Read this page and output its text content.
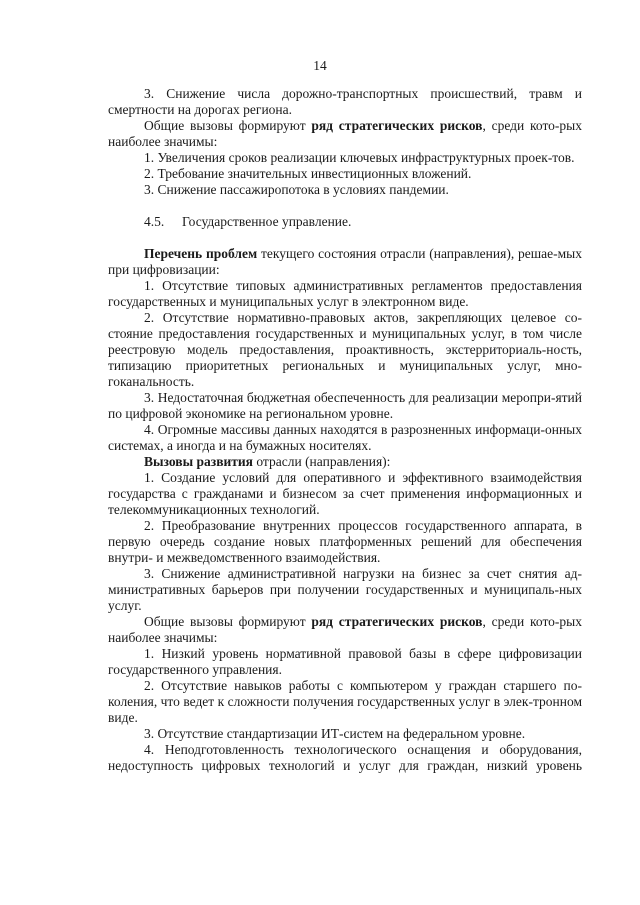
14

3. Снижение числа дорожно-транспортных происшествий, травм и смертности на дорогах региона.

Общие вызовы формируют ряд стратегических рисков, среди кото-рых наиболее значимы:

1. Увеличения сроков реализации ключевых инфраструктурных проек-тов.

2. Требование значительных инвестиционных вложений.

3. Снижение пассажиропотока в условиях пандемии.

4.5. Государственное управление.

Перечень проблем текущего состояния отрасли (направления), решае-мых при цифровизации:

1. Отсутствие типовых административных регламентов предоставления государственных и муниципальных услуг в электронном виде.

2. Отсутствие нормативно-правовых актов, закрепляющих целевое со-стояние предоставления государственных и муниципальных услуг, в том числе реестровую модель предоставления, проактивность, экстерриториаль-ность, типизацию приоритетных региональных и муниципальных услуг, мно-гоканальность.

3. Недостаточная бюджетная обеспеченность для реализации меропри-ятий по цифровой экономике на региональном уровне.

4. Огромные массивы данных находятся в разрозненных информаци-онных системах, а иногда и на бумажных носителях.

Вызовы развития отрасли (направления):

1. Создание условий для оперативного и эффективного взаимодействия государства с гражданами и бизнесом за счет применения информационных и телекоммуникационных технологий.

2. Преобразование внутренних процессов государственного аппарата, в первую очередь создание новых платформенных решений для обеспечения внутри- и межведомственного взаимодействия.

3. Снижение административной нагрузки на бизнес за счет снятия ад-министративных барьеров при получении государственных и муниципаль-ных услуг.

Общие вызовы формируют ряд стратегических рисков, среди кото-рых наиболее значимы:

1. Низкий уровень нормативной правовой базы в сфере цифровизации государственного управления.

2. Отсутствие навыков работы с компьютером у граждан старшего по-коления, что ведет к сложности получения государственных услуг в элек-тронном виде.

3. Отсутствие стандартизации ИТ-систем на федеральном уровне.

4. Неподготовленность технологического оснащения и оборудования, недоступность цифровых технологий и услуг для граждан, низкий уровень
